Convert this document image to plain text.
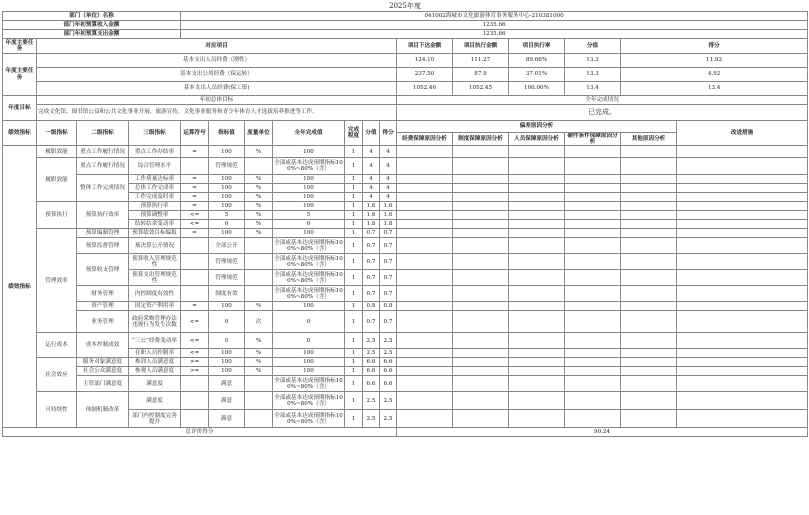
2025年度																
部门（单位）名称				041002海城市文化旅游体育事务服务中心-210381000												
部门年初预算收入金额				1235.66												
部门年初预算支出金额				1235.66												
年度主要任务	对应项目										项目下达金额	项目执行金额	项目执行率	分值	得分	
年度主要任务	基本支出人员经费（刚性）										124.10	111.27	89.66%	13.3	11.92	
	基本支出公用经费（保运转）										237.50	87.9	37.01%	13.3	4.92	
	基本支出人员经费(保工资)										1052.46	1052.45	100.00%	13.4	13.4	
年度目标	年初总体目标										全年完成情况					
	完成文化馆、图书馆公益和公共文化事业开展，旅游宣传，文化事业服务和青少年体育人才选拔培养推进等工作。										已完成。					
绩效指标	一级指标	二级指标	三级指标	运算符号	指标值	度量单位	全年完成值	完成程度	分值	得分	偏差原因分析					改进措施
											经费保障原因分析	制度保障原因分析	人员保障原因分析	硬件条件保障原因分析	其他原因分析	
绩效指标	履职效能	重点工作履行情况	重点工作办结率	=	100	%	100	1	4	4						
	履职效能	重点工作履行情况	综合管理水平		管理规范		全部或基本达成预期指标100%~80%（含）	1	4	4						
		整体工作完成情况	工作质量达标率	=	100	%	100	1	4	4						
			总体工作完成率	=	100	%	100	1	4	4						
			工作完成及时率	=	100	%	100	1	4	4						
	预算执行	预算执行效率	预算执行率	=	100	%	100	1	1.6	1.6						
			预算调整率	<=	5	%	5	1	1.6	1.6						
			结转结余变动率	<=	0	%	0	1	1.8	1.8						
	管理效率	预算编制管理	预算绩效目标编报	=	100	%	100	1	0.7	0.7						
		预算监督管理	预决算公开情况		全部公开		全部或基本达成预期指标100%~80%（含）	1	0.7	0.7						
		预算收支管理	预算收入管理规范性		管理规范		全部或基本达成预期指标100%~80%（含）	1	0.7	0.7						
			预算支出管理规范性		管理规范		全部或基本达成预期指标100%~80%（含）	1	0.7	0.7						
		财务管理	内控制度有效性		制度有效		全部或基本达成预期指标100%~80%（含）	1	0.7	0.7						
		资产管理	固定资产利用率	=	100	%	100	1	0.8	0.8						
		业务管理	政府采购管理办法违规行为发生次数	<=	0	次	0	1	0.7	0.7						
	运行成本	成本控制成效	“三公”经费变动率	<=	0	%	0	1	2.5	2.5						
			在职人员控制率	<=	100	%	100	1	2.5	2.5						
	社会效应	服务对象满意度	参训人员满意度	>=	100	%	100	1	6.6	6.6						
		社会公众满意度	参观人员满意度	>=	100	%	100	1	6.6	6.6						
		主管部门满意度	满意度		满意		全部或基本达成预期指标100%~80%（含）	1	6.6	6.6						
	可持续性	体制机制改革	满意度		满意		全部或基本达成预期指标100%~80%（含）	1	2.5	2.5						
			部门内控制度完善提升		满意		全部或基本达成预期指标100%~80%（含）	1	2.5	2.5						
总评价得分											90.24					
